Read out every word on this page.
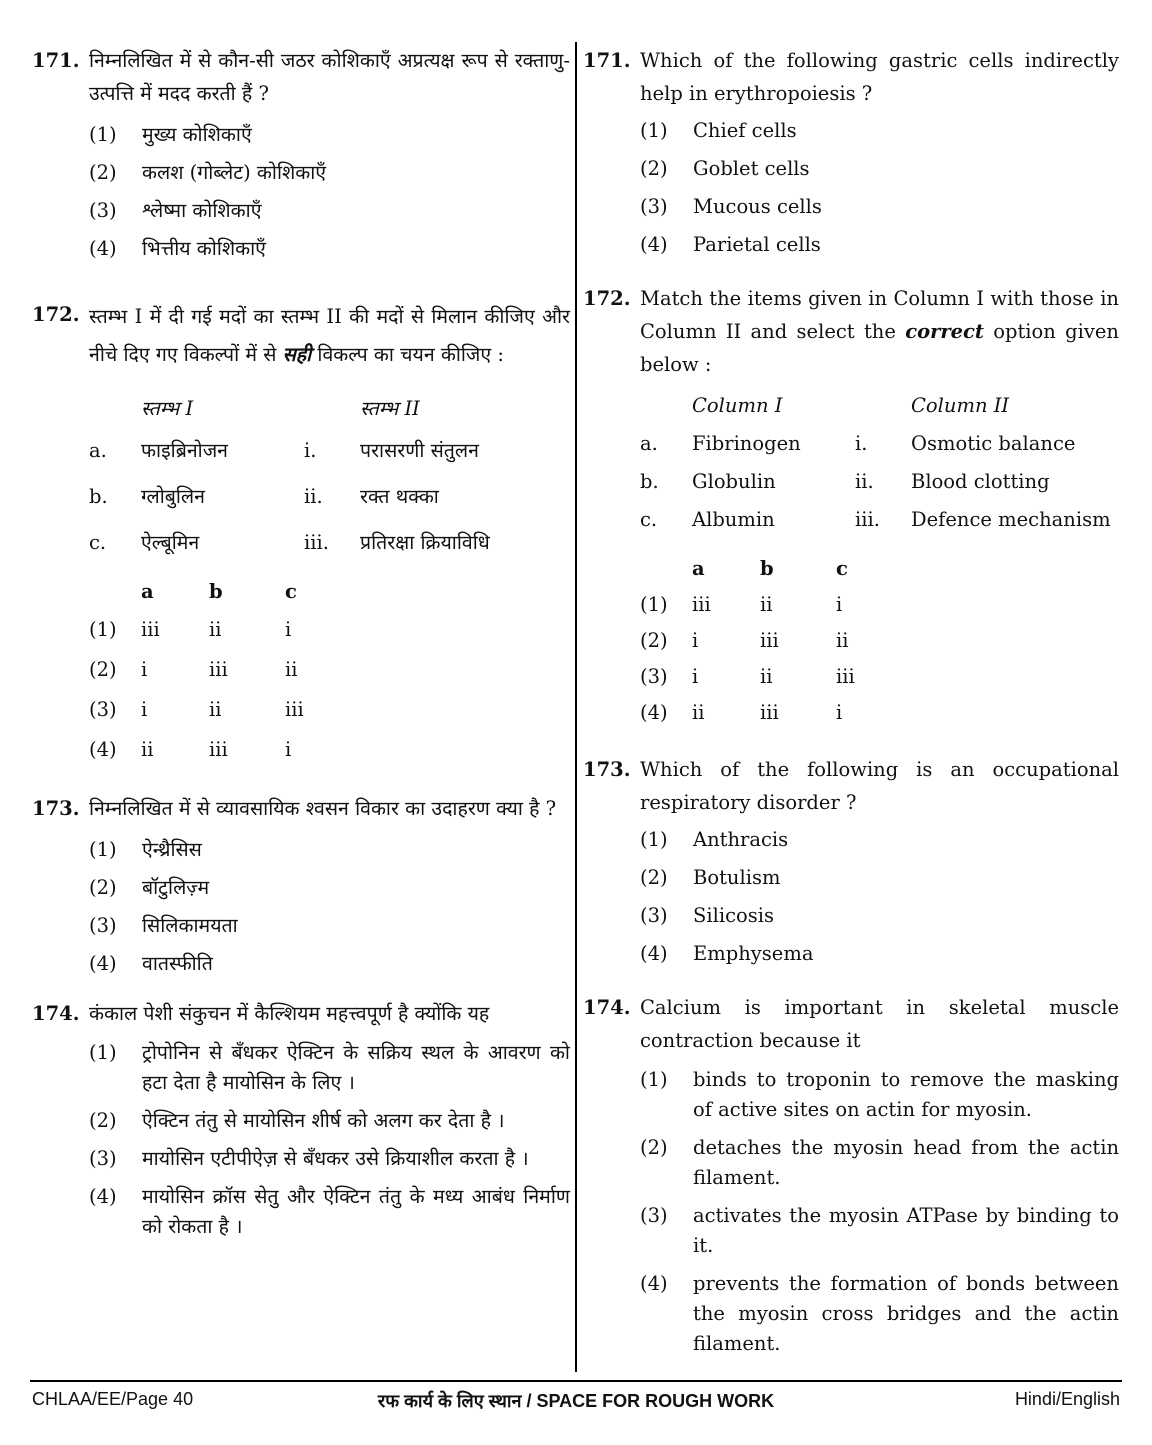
171. निम्नलिखित में से कौन-सी जठर कोशिकाएँ अप्रत्यक्ष रूप से रक्ताणु-उत्पत्ति में मदद करती हैं ?
(1) मुख्य कोशिकाएँ
(2) कलश (गोब्लेट) कोशिकाएँ
(3) श्लेष्मा कोशिकाएँ
(4) भित्तीय कोशिकाएँ
172. स्तम्भ I में दी गई मदों का स्तम्भ II की मदों से मिलान कीजिए और नीचे दिए गए विकल्पों में से सही विकल्प का चयन कीजिए :
स्तम्भ I	स्तम्भ II
a.	फाइब्रिनोजन	i.	परासरणी संतुलन
b.	ग्लोबुलिन	ii.	रक्त थक्का
c.	ऐल्बूमिन	iii.	प्रतिरक्षा क्रियाविधि
a	b	c
(1)	iii	ii	i
(2)	i	iii	ii
(3)	i	ii	iii
(4)	ii	iii	i
173. निम्नलिखित में से व्यावसायिक श्वसन विकार का उदाहरण क्या है ?
(1) ऐन्थ्रैसिस
(2) बॉटुलिज़्म
(3) सिलिकामयता
(4) वातस्फीति
174. कंकाल पेशी संकुचन में कैल्शियम महत्त्वपूर्ण है क्योंकि यह
(1) ट्रोपोनिन से बँधकर ऐक्टिन के सक्रिय स्थल के आवरण को हटा देता है मायोसिन के लिए ।
(2) ऐक्टिन तंतु से मायोसिन शीर्ष को अलग कर देता है ।
(3) मायोसिन एटीपीऐज़ से बँधकर उसे क्रियाशील करता है ।
(4) मायोसिन क्रॉस सेतु और ऐक्टिन तंतु के मध्य आबंध निर्माण को रोकता है ।
171. Which of the following gastric cells indirectly help in erythropoiesis ?
(1) Chief cells
(2) Goblet cells
(3) Mucous cells
(4) Parietal cells
172. Match the items given in Column I with those in Column II and select the correct option given below :
Column I	Column II
a.	Fibrinogen	i.	Osmotic balance
b.	Globulin	ii.	Blood clotting
c.	Albumin	iii.	Defence mechanism
a	b	c
(1)	iii	ii	i
(2)	i	iii	ii
(3)	i	ii	iii
(4)	ii	iii	i
173. Which of the following is an occupational respiratory disorder ?
(1) Anthracis
(2) Botulism
(3) Silicosis
(4) Emphysema
174. Calcium is important in skeletal muscle contraction because it
(1) binds to troponin to remove the masking of active sites on actin for myosin.
(2) detaches the myosin head from the actin filament.
(3) activates the myosin ATPase by binding to it.
(4) prevents the formation of bonds between the myosin cross bridges and the actin filament.
CHLAA/EE/Page 40	रफ कार्य के लिए स्थान / SPACE FOR ROUGH WORK	Hindi/English
